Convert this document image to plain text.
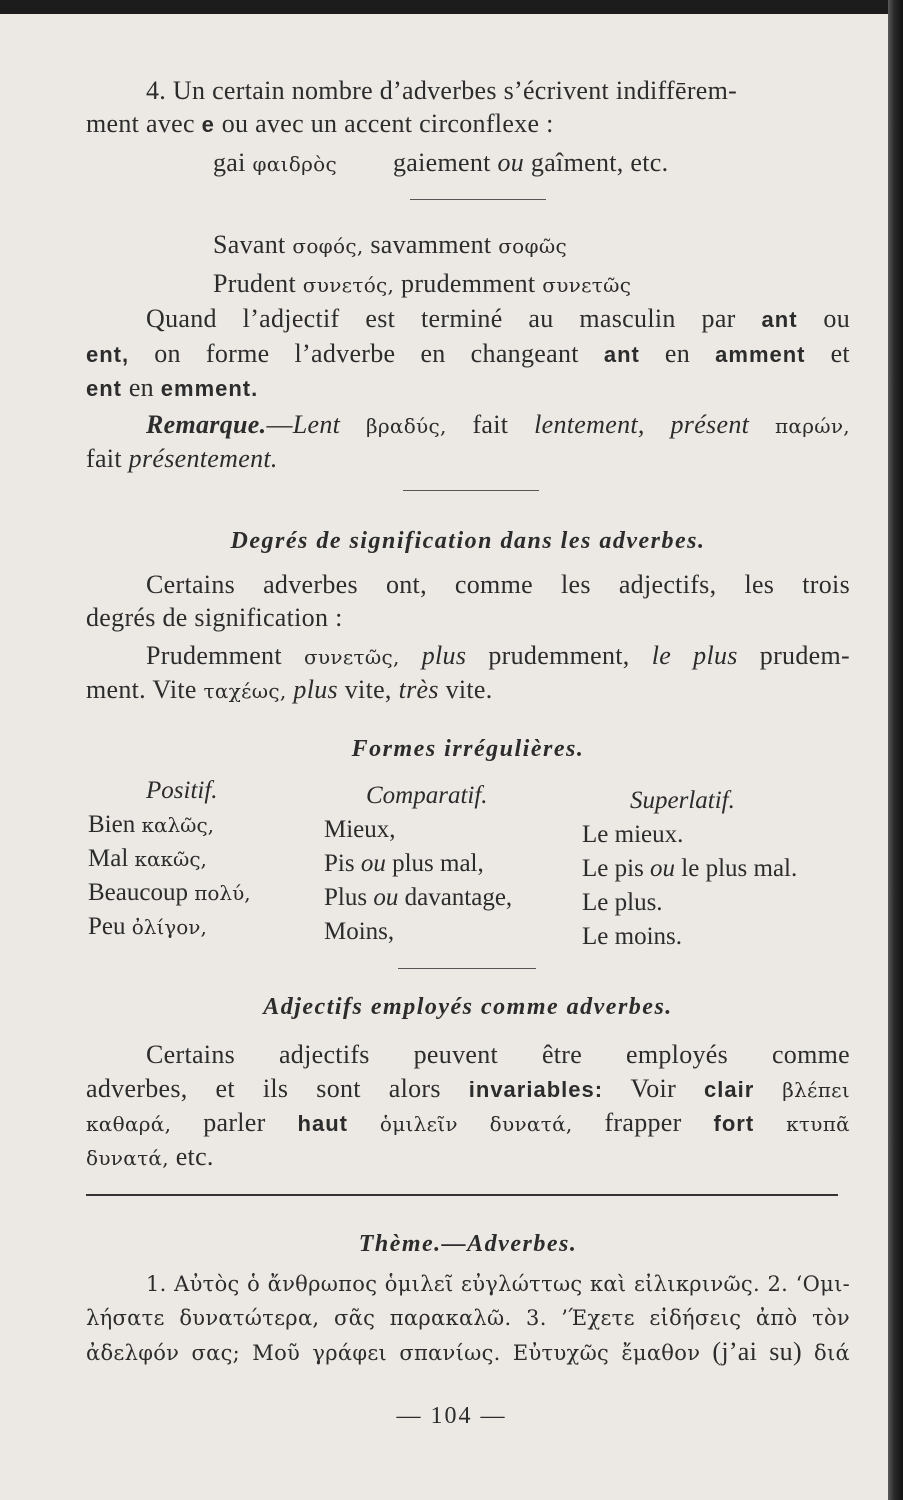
4. Un certain nombre d’adverbes s’écrivent indiffērem-
ment avec e ou avec un accent circonflexe :
gai φαιδρὸς gaiement ou gaîment, etc.
Savant σοφός, savamment σοφῶς
Prudent συνετός, prudemment συνετῶς
Quand l’adjectif est terminé au masculin par ant ou
ent, on forme l’adverbe en changeant ant en amment et
ent en emment.
Remarque.—Lent βραδύς, fait lentement, présent παρών,
fait présentement.
Degrés de signification dans les adverbes.
Certains adverbes ont, comme les adjectifs, les trois
degrés de signification :
Prudemment συνετῶς, plus prudemment, le plus prudem-
ment. Vite ταχέως, plus vite, très vite.
Formes irrégulières.
Positif.
Bien καλῶς,
Mal κακῶς,
Beaucoup πολύ,
Peu ὀλίγον,
Comparatif.
Mieux,
Pis ou plus mal,
Plus ou davantage,
Moins,
Superlatif.
Le mieux.
Le pis ou le plus mal.
Le plus.
Le moins.
Adjectifs employés comme adverbes.
Certains adjectifs peuvent être employés comme
adverbes, et ils sont alors invariables: Voir clair βλέπει
καθαρά, parler haut ὁμιλεῖν δυνατά, frapper fort κτυπᾶ
δυνατά, etc.
Thème.—Adverbes.
1. Αὐτὸς ὁ ἄνθρωπος ὁμιλεῖ εὐγλώττως καὶ εἰλικρινῶς. 2. ‘Ομι-
λήσατε δυνατώτερα, σᾶς παρακαλῶ. 3. ’Έχετε εἰδήσεις ἀπὸ τὸν
ἀδελφόν σας; Μοῦ γράφει σπανίως. Εὐτυχῶς ἔμαθον (j’ai su) διά
— 104 —
